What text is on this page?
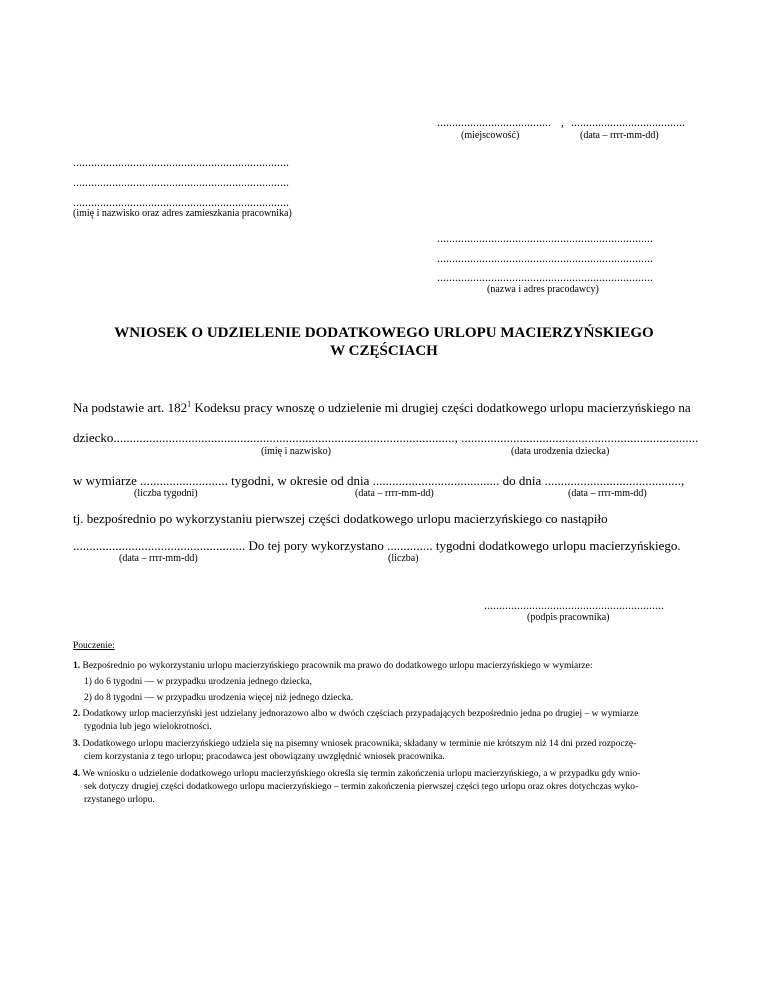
...................................... , ......................................
(miejscowość)	(data – rrrr-mm-dd)
........................................................................
........................................................................
........................................................................
(imię i nazwisko oraz adres zamieszkania pracownika)
........................................................................
........................................................................
........................................................................
(nazwa i adres pracodawcy)
WNIOSEK O UDZIELENIE DODATKOWEGO URLOPU MACIERZYŃSKIEGO
W CZĘŚCIACH
Na podstawie art. $182^1$ Kodeksu pracy wnoszę o udzielenie mi drugiej części dodatkowego urlopu macierzyńskiego na
dziecko........................................................................................................., .........................................................................
(imię i nazwisko)	(data urodzenia dziecka)
w wymiarze ........................... tygodni, w okresie od dnia ....................................... do dnia ..........................................,
(liczba tygodni)	(data – rrrr-mm-dd)	(data – rrrr-mm-dd)
tj. bezpośrednio po wykorzystaniu pierwszej części dodatkowego urlopu macierzyńskiego co nastąpiło
..................................................... Do tej pory wykorzystano .............. tygodni dodatkowego urlopu macierzyńskiego.
(data – rrrr-mm-dd)	(liczba)
............................................................
(podpis pracownika)
Pouczenie:
1. Bezpośrednio po wykorzystaniu urlopu macierzyńskiego pracownik ma prawo do dodatkowego urlopu macierzyńskiego w wymiarze:
1) do 6 tygodni — w przypadku urodzenia jednego dziecka,
2) do 8 tygodni — w przypadku urodzenia więcej niż jednego dziecka.
2. Dodatkowy urlop macierzyński jest udzielany jednorazowo albo w dwóch częściach przypadających bezpośrednio jedna po drugiej – w wymiarze
tygodnia lub jego wielokrotności.
3. Dodatkowego urlopu macierzyńskiego udziela się na pisemny wniosek pracownika, składany w terminie nie krótszym niż 14 dni przed rozpoczę-
ciem korzystania z tego urlopu; pracodawca jest obowiązany uwzględnić wniosek pracownika.
4. We wniosku o udzielenie dodatkowego urlopu macierzyńskiego określa się termin zakończenia urlopu macierzyńskiego, a w przypadku gdy wnio-
sek dotyczy drugiej części dodatkowego urlopu macierzyńskiego – termin zakończenia pierwszej części tego urlopu oraz okres dotychczas wyko-
rzystanego urlopu.
